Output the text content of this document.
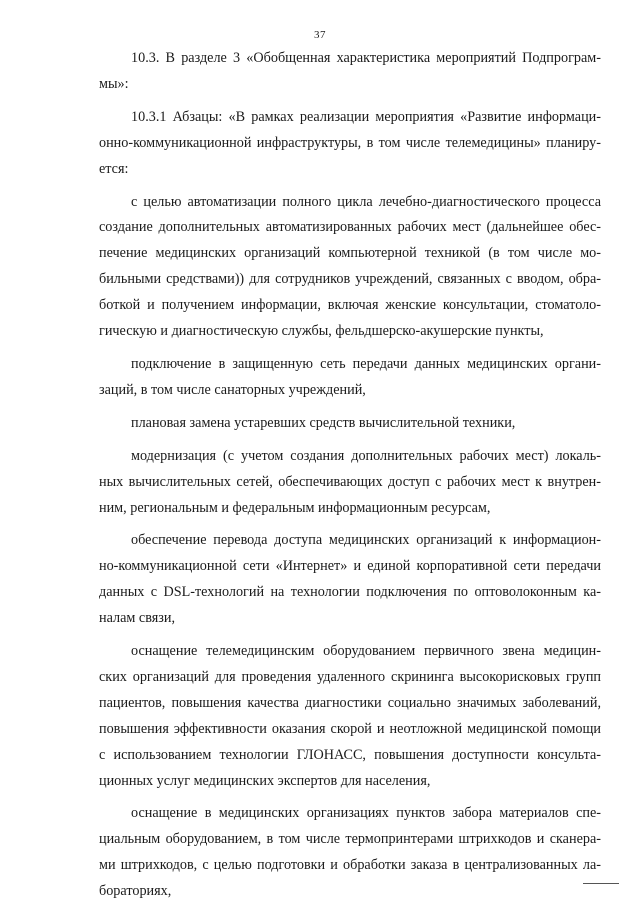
37
10.3. В разделе 3 «Обобщенная характеристика мероприятий Подпрограм-
мы»:
10.3.1 Абзацы: «В рамках реализации мероприятия «Развитие информаци-
онно-коммуникационной инфраструктуры, в том числе телемедицины» планиру-
ется:
с целью автоматизации полного цикла лечебно-диагностического процесса
создание дополнительных автоматизированных рабочих мест (дальнейшее обес-
печение медицинских организаций компьютерной техникой (в том числе мо-
бильными средствами)) для сотрудников учреждений, связанных с вводом, обра-
боткой и получением информации, включая женские консультации, стоматоло-
гическую и диагностическую службы, фельдшерско-акушерские пункты,
подключение в защищенную сеть передачи данных медицинских органи-
заций, в том числе санаторных учреждений,
плановая замена устаревших средств вычислительной техники,
модернизация (с учетом создания дополнительных рабочих мест) локаль-
ных вычислительных сетей, обеспечивающих доступ с рабочих мест к внутрен-
ним, региональным и федеральным информационным ресурсам,
обеспечение перевода доступа медицинских организаций к информацион-
но-коммуникационной сети «Интернет» и единой корпоративной сети передачи
данных с DSL-технологий на технологии подключения по оптоволоконным ка-
налам связи,
оснащение телемедицинским оборудованием первичного звена медицин-
ских организаций для проведения удаленного скрининга высокорисковых групп
пациентов, повышения качества диагностики социально значимых заболеваний,
повышения эффективности оказания скорой и неотложной медицинской помощи
с использованием технологии ГЛОНАСС, повышения доступности консульта-
ционных услуг медицинских экспертов для населения,
оснащение в медицинских организациях пунктов забора материалов спе-
циальным оборудованием, в том числе термопринтерами штрихкодов и сканера-
ми штрихкодов, с целью подготовки и обработки заказа в централизованных ла-
бораториях,
